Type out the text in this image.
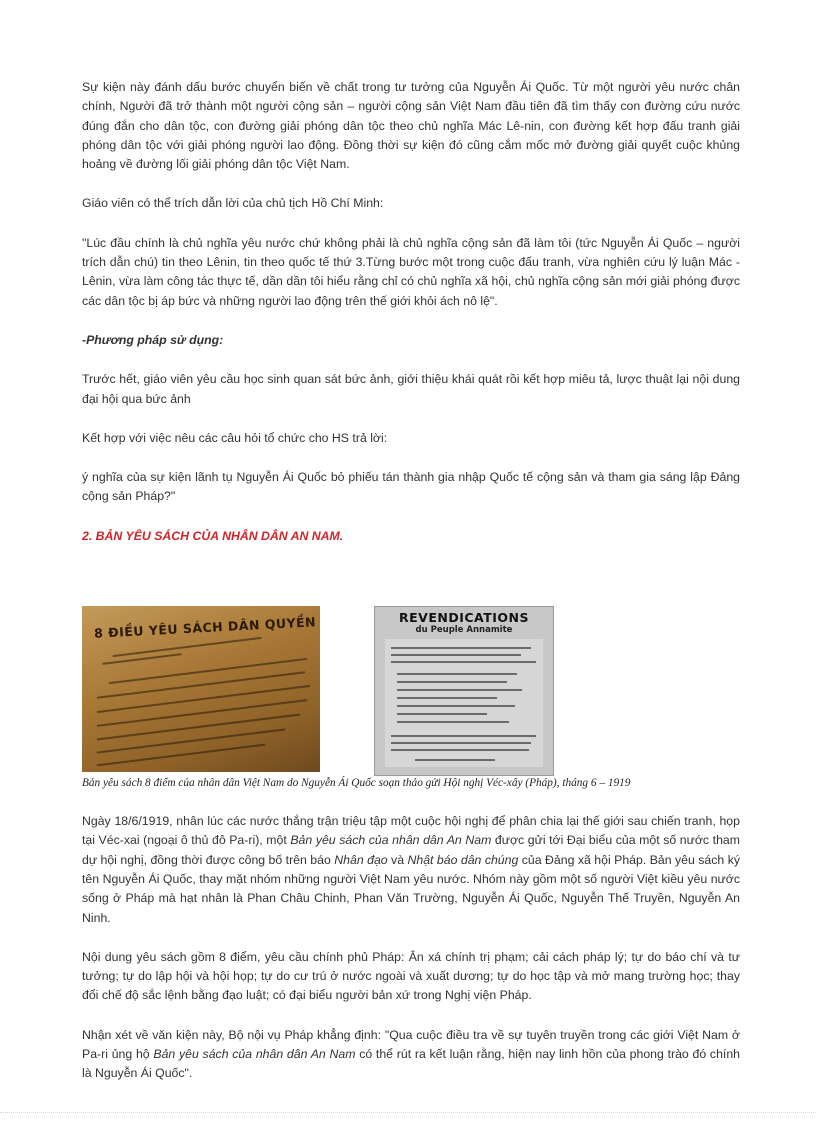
Sự kiện này đánh dấu bước chuyển biến về chất trong tư tưởng của Nguyễn Ái Quốc. Từ một người yêu nước chân chính, Người đã trở thành một người cộng sản – người cộng sản Việt Nam đầu tiên đã tìm thấy con đường cứu nước đúng đắn cho dân tộc, con đường giải phóng dân tộc theo chủ nghĩa Mác Lê-nin, con đường kết hợp đấu tranh giải phóng dân tộc với giải phóng người lao động. Đồng thời sự kiện đó cũng cắm mốc mở đường giải quyết cuộc khủng hoảng về đường lối giải phóng dân tộc Việt Nam.

Giáo viên có thể trích dẫn lời của chủ tịch Hồ Chí Minh:

"Lúc đầu chính là chủ nghĩa yêu nước chứ không phải là chủ nghĩa cộng sản đã làm tôi (tức Nguyễn Ái Quốc – người trích dẫn chú) tin theo Lênin, tin theo quốc tế thứ 3.Từng bước một trong cuộc đấu tranh, vừa nghiên cứu lý luận Mác - Lênin, vừa làm công tác thực tế, dần dần tôi hiểu rằng chỉ có chủ nghĩa xã hội, chủ nghĩa cộng sản mới giải phóng được các dân tộc bị áp bức và những người lao động trên thế giới khỏi ách nô lệ".

-Phương pháp sử dụng:

Trước hết, giáo viên yêu cầu học sinh quan sát bức ảnh, giới thiệu khái quát rồi kết hợp miêu tả, lược thuật lại nội dung đại hội qua bức ảnh

Kết hợp với việc nêu các câu hỏi tổ chức cho HS trả lời:

ý nghĩa của sự kiện lãnh tụ Nguyễn Ái Quốc bỏ phiếu tán thành gia nhập Quốc tế cộng sản và tham gia sáng lập Đảng cộng sản Pháp?"

2. BẢN YÊU SÁCH CỦA NHÂN DÂN AN NAM.

8 ĐIỀU YÊU SÁCH DÂN QUYỀN	REVENDICATIONS
du Peuple Annamite
Bản yêu sách 8 điểm của nhân dân Việt Nam do Nguyễn Ái Quốc soạn thảo gửi Hội nghị Véc-xây (Pháp), tháng 6 – 1919

Ngày 18/6/1919, nhân lúc các nước thắng trận triệu tập một cuộc hội nghị để phân chia lại thế giới sau chiến tranh, họp tại Véc-xai (ngoại ô thủ đô Pa-ri), một Bản yêu sách của nhân dân An Nam được gửi tới Đại biểu của một số nước tham dự hội nghị, đồng thời được công bố trên báo Nhân đạo và Nhật báo dân chúng của Đảng xã hội Pháp. Bản yêu sách ký tên Nguyễn Ái Quốc, thay mặt nhóm những người Việt Nam yêu nước. Nhóm này gồm một số người Việt kiều yêu nước sống ở Pháp mà hạt nhân là Phan Châu Chinh, Phan Văn Trường, Nguyễn Ái Quốc, Nguyễn Thế Truyền, Nguyễn An Ninh.

Nội dung yêu sách gồm 8 điểm, yêu cầu chính phủ Pháp: Ân xá chính trị phạm; cải cách pháp lý; tự do báo chí và tư tưởng; tự do lập hội và hội họp; tự do cư trú ở nước ngoài và xuất dương; tự do học tập và mở mang trường học; thay đổi chế độ sắc lệnh bằng đạo luật; có đại biểu người bản xứ trong Nghị viện Pháp.

Nhận xét về văn kiện này, Bộ nội vụ Pháp khẳng định: "Qua cuộc điều tra về sự tuyên truyền trong các giới Việt Nam ở Pa-ri ủng hộ Bản yêu sách của nhân dân An Nam có thể rút ra kết luận rằng, hiện nay linh hồn của phong trào đó chính là Nguyễn Ái Quốc".
